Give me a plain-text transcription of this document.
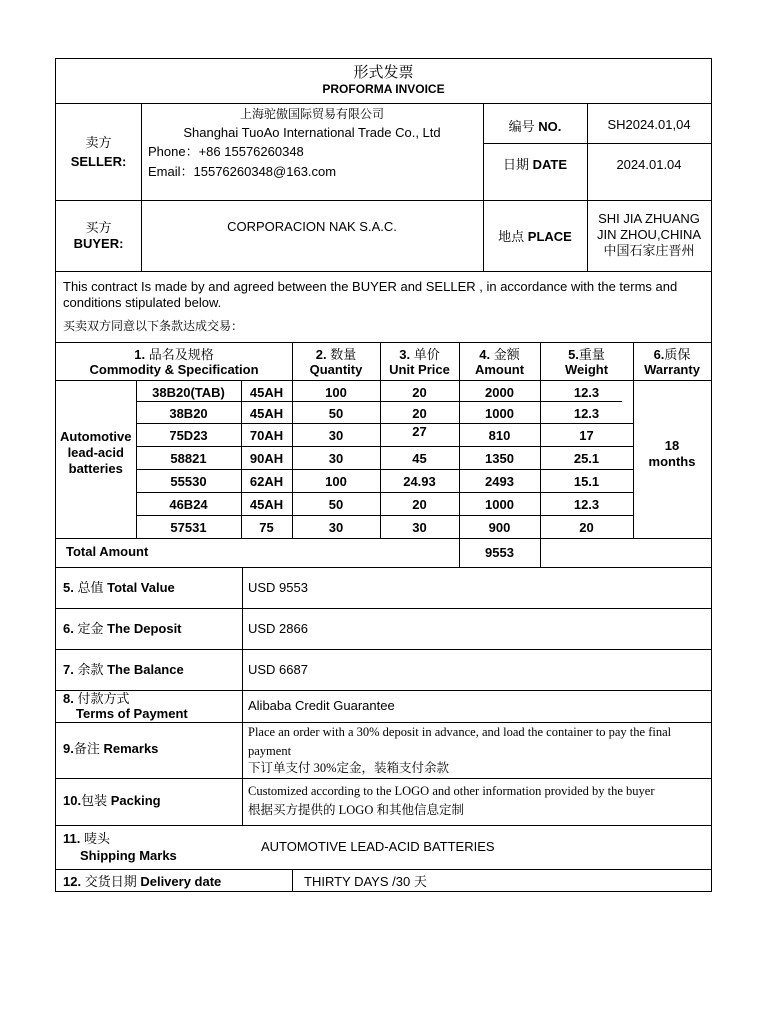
形式发票
PROFORMA INVOICE
卖方
SELLER:
上海驼傲国际贸易有限公司
Shanghai TuoAo International Trade Co., Ltd
Phone：+86 15576260348
Email：15576260348@163.com
编号 NO.	SH2024.01,04
日期 DATE	2024.01.04
买方
BUYER:
CORPORACION NAK S.A.C.
地点 PLACE
SHI JIA ZHUANG
JIN ZHOU,CHINA
中国石家庄晋州
This contract Is made by and agreed between the BUYER and SELLER , in accordance with the terms and
conditions stipulated below.
买卖双方同意以下条款达成交易：
1. 品名及规格
Commodity & Specification
2. 数量
Quantity
3. 单价
Unit Price
4. 金额
Amount
5.重量
Weight
6.质保
Warranty
Automotive lead-acid batteries
18 months
38B20(TAB)	45AH	100	20	2000	12.3
38B20	45AH	50	20	1000	12.3
75D23	70AH	30	27	810	17
58821	90AH	30	45	1350	25.1
55530	62AH	100	24.93	2493	15.1
46B24	45AH	50	20	1000	12.3
57531	75	30	30	900	20
Total Amount	9553
5. 总值 Total Value	USD 9553
6. 定金 The Deposit	USD 2866
7. 余款 The Balance	USD 6687
8. 付款方式
Terms of Payment
Alibaba Credit Guarantee
9.备注 Remarks
Place an order with a 30% deposit in advance, and load the container to pay the final
payment
下订单支付 30%定金，装箱支付余款
10.包装 Packing
Customized according to the LOGO and other information provided by the buyer
根据买方提供的 LOGO 和其他信息定制
11. 唛头
Shipping Marks
AUTOMOTIVE LEAD-ACID BATTERIES
12. 交货日期 Delivery date	THIRTY DAYS /30 天
